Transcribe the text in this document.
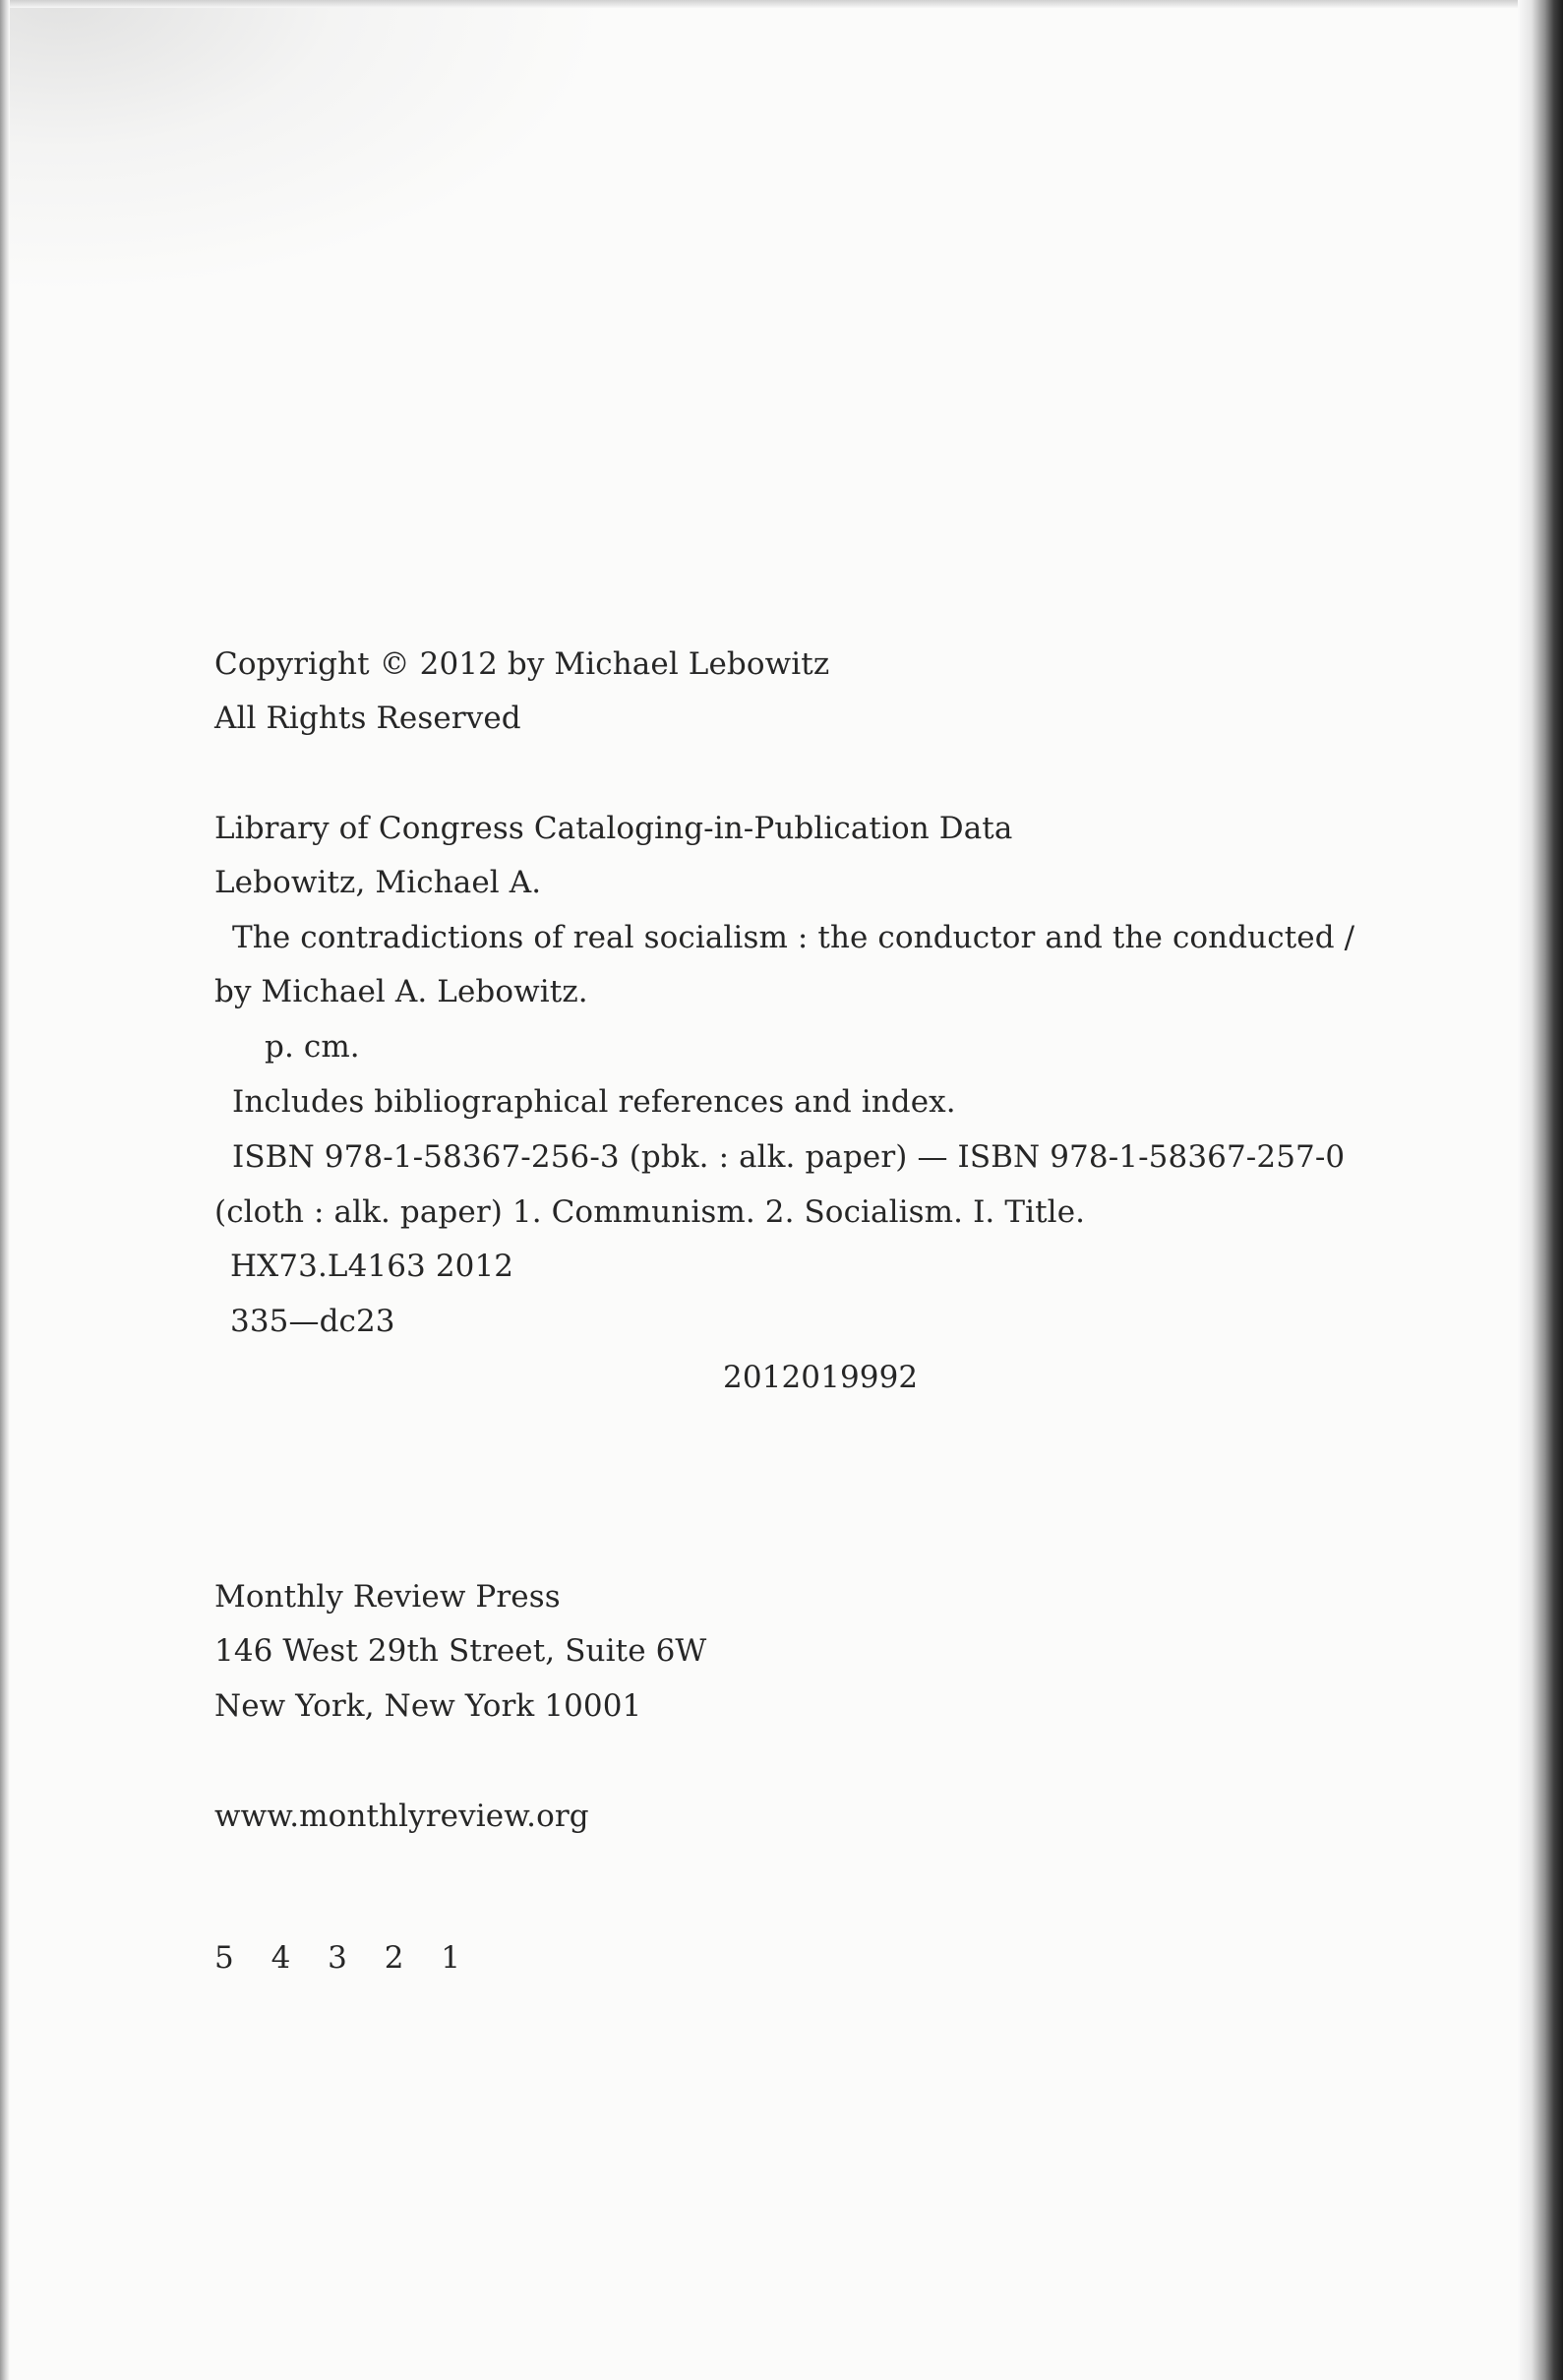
Copyright © 2012 by Michael Lebowitz
All Rights Reserved
Library of Congress Cataloging-in-Publication Data
Lebowitz, Michael A.
The contradictions of real socialism : the conductor and the conducted /
by Michael A. Lebowitz.
p. cm.
Includes bibliographical references and index.
ISBN 978-1-58367-256-3 (pbk. : alk. paper) — ISBN 978-1-58367-257-0
(cloth : alk. paper) 1. Communism. 2. Socialism. I. Title.
HX73.L4163 2012
335—dc23
2012019992
Monthly Review Press
146 West 29th Street, Suite 6W
New York, New York 10001
www.monthlyreview.org
5 4 3 2 1
